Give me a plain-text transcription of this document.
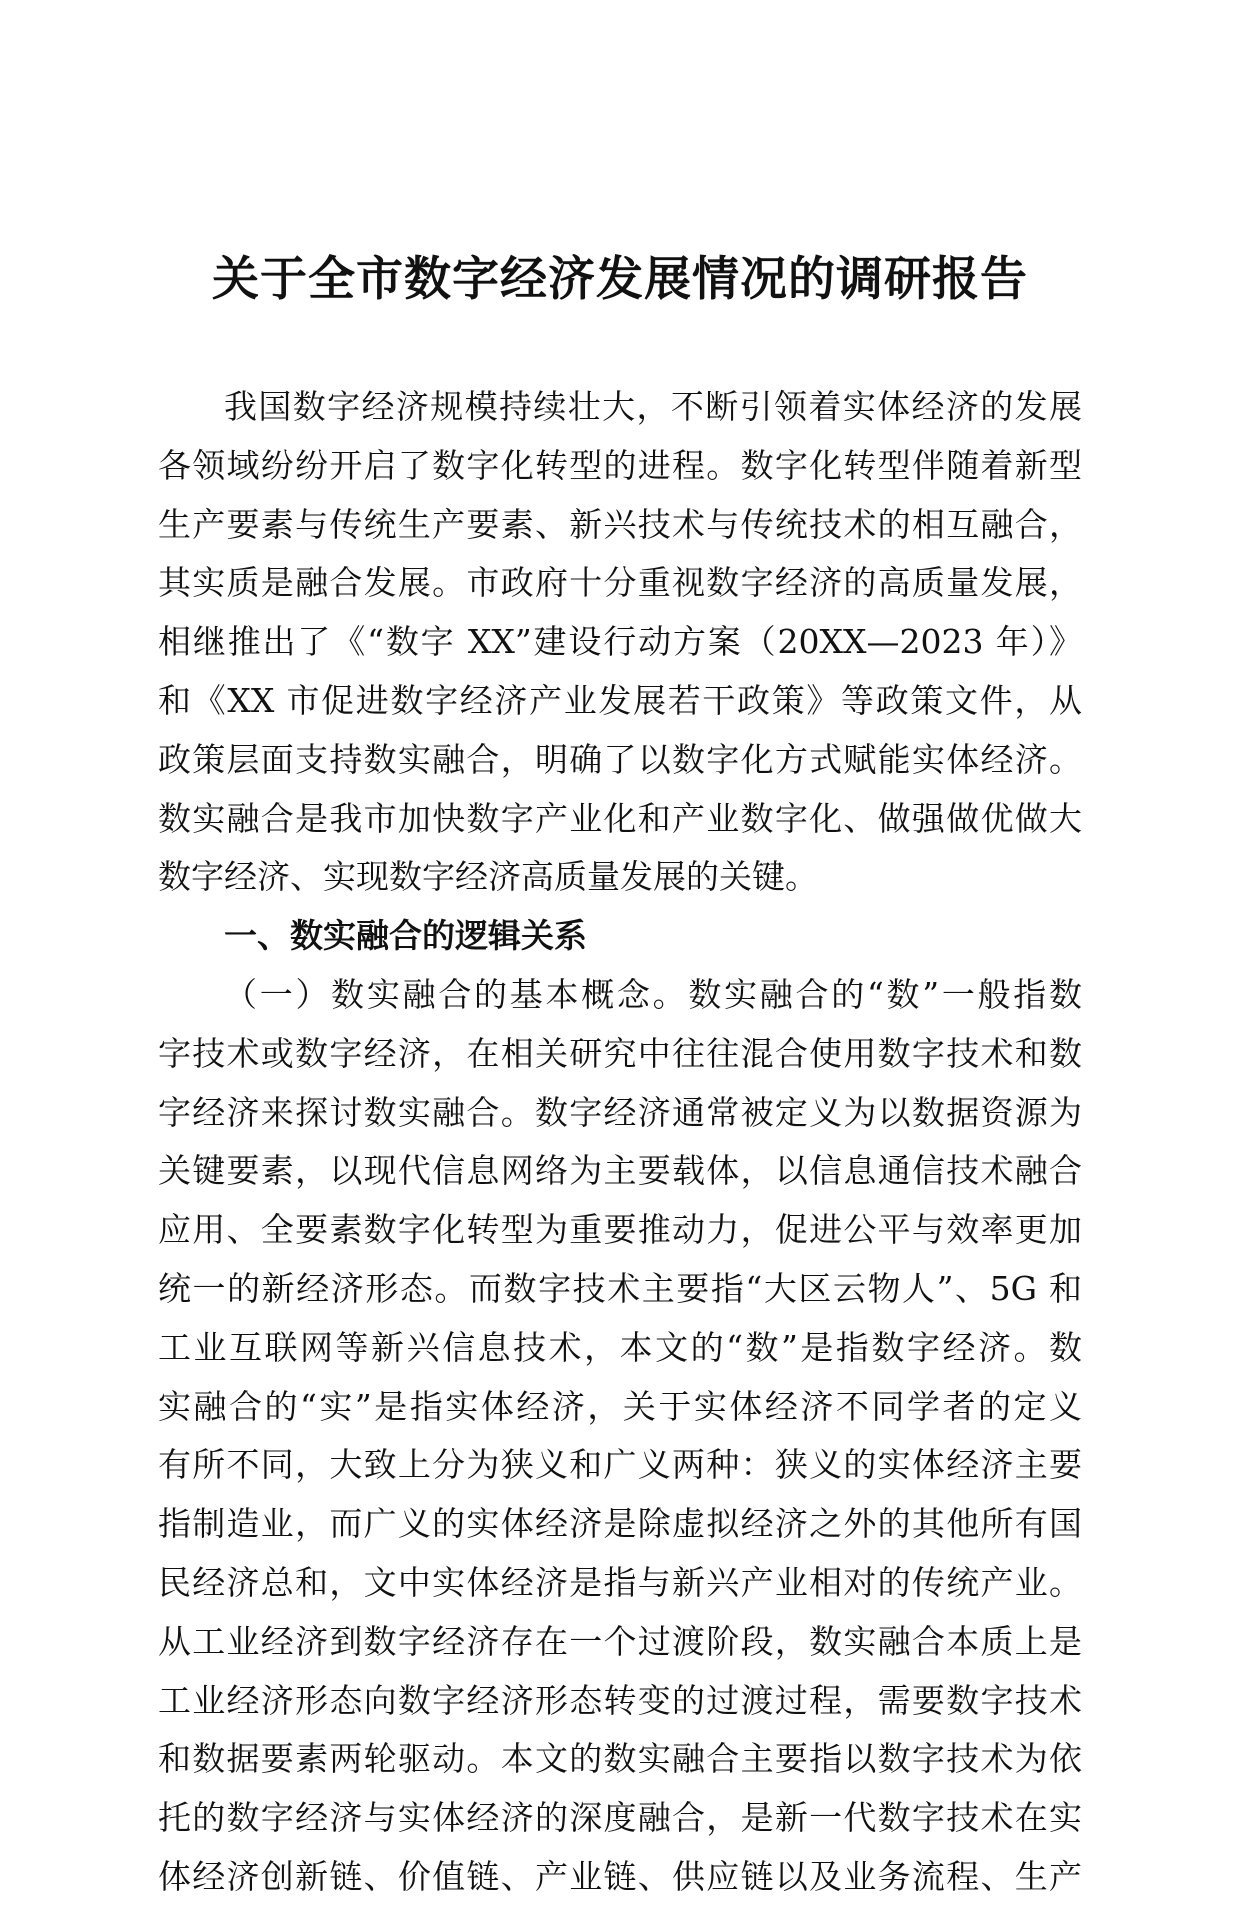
关于全市数字经济发展情况的调研报告
我国数字经济规模持续壮大，不断引领着实体经济的发展
各领域纷纷开启了数字化转型的进程。数字化转型伴随着新型
生产要素与传统生产要素、新兴技术与传统技术的相互融合，
其实质是融合发展。市政府十分重视数字经济的高质量发展，
相继推出了《“数字 XX”建设行动方案（20XX—2023 年）》
和《XX 市促进数字经济产业发展若干政策》等政策文件，从
政策层面支持数实融合，明确了以数字化方式赋能实体经济。
数实融合是我市加快数字产业化和产业数字化、做强做优做大
数字经济、实现数字经济高质量发展的关键。
一、数实融合的逻辑关系
（一）数实融合的基本概念。数实融合的“数”一般指数
字技术或数字经济，在相关研究中往往混合使用数字技术和数
字经济来探讨数实融合。数字经济通常被定义为以数据资源为
关键要素，以现代信息网络为主要载体，以信息通信技术融合
应用、全要素数字化转型为重要推动力，促进公平与效率更加
统一的新经济形态。而数字技术主要指“大区云物人”、5G 和
工业互联网等新兴信息技术，本文的“数”是指数字经济。数
实融合的“实”是指实体经济，关于实体经济不同学者的定义
有所不同，大致上分为狭义和广义两种：狭义的实体经济主要
指制造业，而广义的实体经济是除虚拟经济之外的其他所有国
民经济总和，文中实体经济是指与新兴产业相对的传统产业。
从工业经济到数字经济存在一个过渡阶段，数实融合本质上是
工业经济形态向数字经济形态转变的过渡过程，需要数字技术
和数据要素两轮驱动。本文的数实融合主要指以数字技术为依
托的数字经济与实体经济的深度融合，是新一代数字技术在实
体经济创新链、价值链、产业链、供应链以及业务流程、生产
